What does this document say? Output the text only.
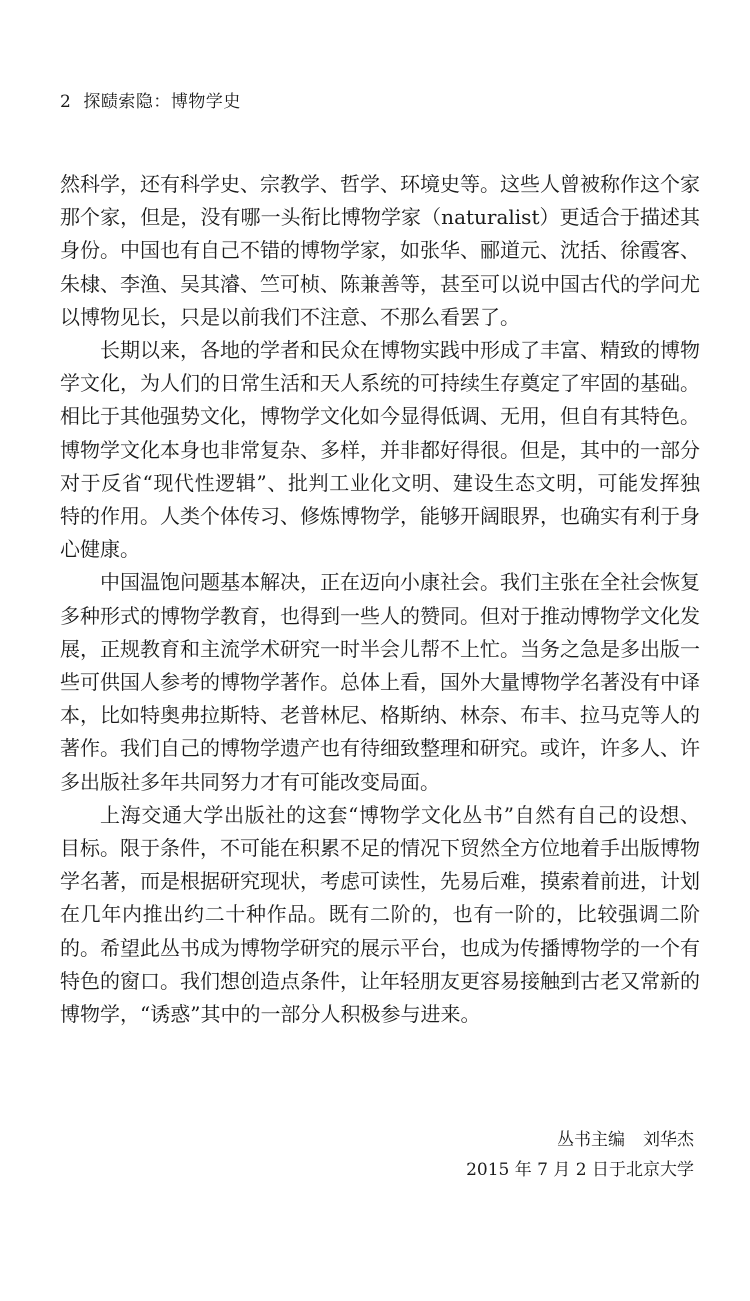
2 探赜索隐：博物学史

然科学，还有科学史、宗教学、哲学、环境史等。这些人曾被称作这个家那个家，但是，没有哪一头衔比博物学家（naturalist）更适合于描述其身份。中国也有自己不错的博物学家，如张华、郦道元、沈括、徐霞客、朱棣、李渔、吴其濬、竺可桢、陈兼善等，甚至可以说中国古代的学问尤以博物见长，只是以前我们不注意、不那么看罢了。

长期以来，各地的学者和民众在博物实践中形成了丰富、精致的博物学文化，为人们的日常生活和天人系统的可持续生存奠定了牢固的基础。相比于其他强势文化，博物学文化如今显得低调、无用，但自有其特色。博物学文化本身也非常复杂、多样，并非都好得很。但是，其中的一部分对于反省“现代性逻辑”、批判工业化文明、建设生态文明，可能发挥独特的作用。人类个体传习、修炼博物学，能够开阔眼界，也确实有利于身心健康。

中国温饱问题基本解决，正在迈向小康社会。我们主张在全社会恢复多种形式的博物学教育，也得到一些人的赞同。但对于推动博物学文化发展，正规教育和主流学术研究一时半会儿帮不上忙。当务之急是多出版一些可供国人参考的博物学著作。总体上看，国外大量博物学名著没有中译本，比如特奥弗拉斯特、老普林尼、格斯纳、林奈、布丰、拉马克等人的著作。我们自己的博物学遗产也有待细致整理和研究。或许，许多人、许多出版社多年共同努力才有可能改变局面。

上海交通大学出版社的这套“博物学文化丛书”自然有自己的设想、目标。限于条件，不可能在积累不足的情况下贸然全方位地着手出版博物学名著，而是根据研究现状，考虑可读性，先易后难，摸索着前进，计划在几年内推出约二十种作品。既有二阶的，也有一阶的，比较强调二阶的。希望此丛书成为博物学研究的展示平台，也成为传播博物学的一个有特色的窗口。我们想创造点条件，让年轻朋友更容易接触到古老又常新的博物学，“诱惑”其中的一部分人积极参与进来。

丛书主编 刘华杰
2015 年 7 月 2 日于北京大学
